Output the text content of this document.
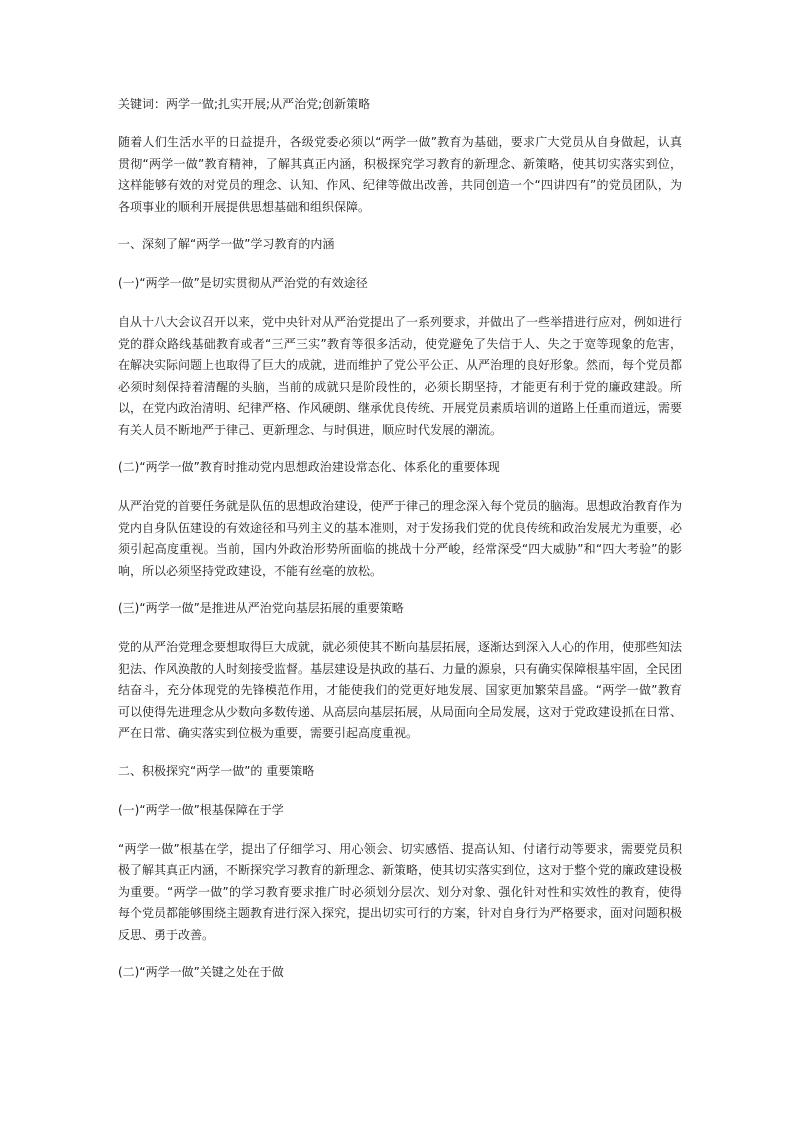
关键词：两学一做;扎实开展;从严治党;创新策略

随着人们生活水平的日益提升，各级党委必须以“两学一做”教育为基础，要求广大党员从自身做起，认真贯彻“两学一做”教育精神，了解其真正内涵，积极探究学习教育的新理念、新策略，使其切实落实到位，这样能够有效的对党员的理念、认知、作风、纪律等做出改善，共同创造一个“四讲四有”的党员团队，为各项事业的顺利开展提供思想基础和组织保障。

一、深刻了解“两学一做”学习教育的内涵

(一)“两学一做”是切实贯彻从严治党的有效途径

自从十八大会议召开以来，党中央针对从严治党提出了一系列要求，并做出了一些举措进行应对，例如进行党的群众路线基础教育或者“三严三实”教育等很多活动，使党避免了失信于人、失之于宽等现象的危害，在解决实际问题上也取得了巨大的成就，进而维护了党公平公正、从严治理的良好形象。然而，每个党员都必须时刻保持着清醒的头脑，当前的成就只是阶段性的，必须长期坚持，才能更有利于党的廉政建設。所以，在党内政治清明、纪律严格、作风硬朗、继承优良传统、开展党员素质培训的道路上任重而道远，需要有关人员不断地严于律己、更新理念、与时俱进，顺应时代发展的潮流。

(二)“两学一做”教育时推动党内思想政治建设常态化、体系化的重要体现

从严治党的首要任务就是队伍的思想政治建设，使严于律己的理念深入每个党员的脑海。思想政治教育作为党内自身队伍建设的有效途径和马列主义的基本准则，对于发扬我们党的优良传统和政治发展尤为重要，必须引起高度重视。当前，国内外政治形势所面临的挑战十分严峻，经常深受“四大威胁”和“四大考验”的影响，所以必须坚持党政建设，不能有丝毫的放松。

(三)“两学一做”是推进从严治党向基层拓展的重要策略

党的从严治党理念要想取得巨大成就，就必须使其不断向基层拓展，逐渐达到深入人心的作用，使那些知法犯法、作风涣散的人时刻接受监督。基层建设是执政的基石、力量的源泉，只有确实保障根基牢固，全民团结奋斗，充分体现党的先锋模范作用，才能使我们的党更好地发展、国家更加繁荣昌盛。“两学一做”教育可以使得先进理念从少数向多数传递、从高层向基层拓展，从局面向全局发展，这对于党政建设抓在日常、严在日常、确实落实到位极为重要，需要引起高度重视。

二、积极探究“两学一做”的 重要策略

(一)“两学一做”根基保障在于学

“两学一做”根基在学，提出了仔细学习、用心领会、切实感悟、提高认知、付诸行动等要求，需要党员积极了解其真正内涵，不断探究学习教育的新理念、新策略，使其切实落实到位，这对于整个党的廉政建设极为重要。“两学一做”的学习教育要求推广时必须划分层次、划分对象、强化针对性和实效性的教育，使得每个党员都能够围绕主题教育进行深入探究，提出切实可行的方案，针对自身行为严格要求，面对问题积极反思、勇于改善。

(二)“两学一做”关键之处在于做
